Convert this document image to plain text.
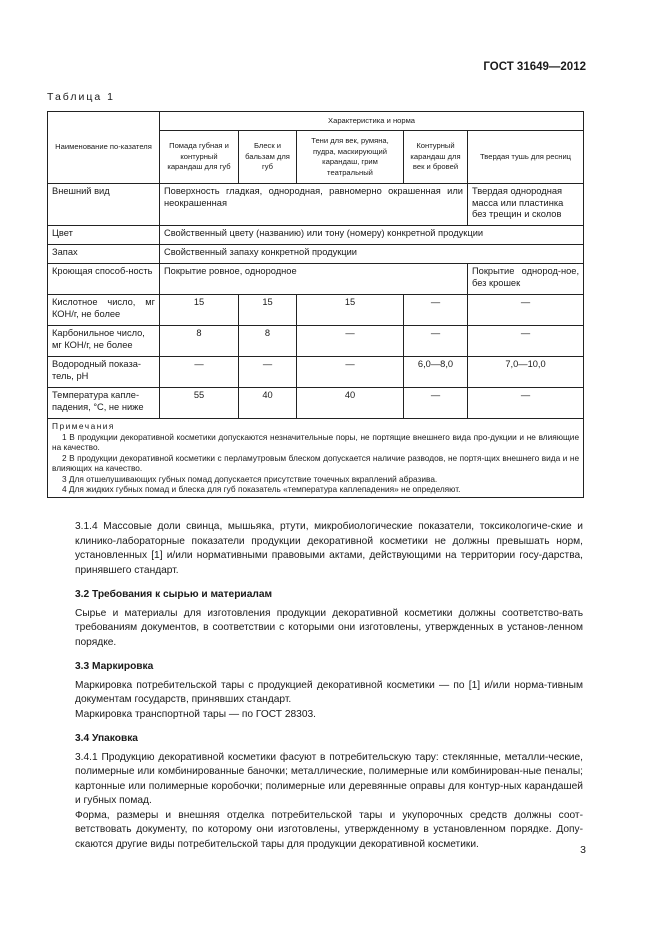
ГОСТ 31649—2012
Таблица 1
Наименование по-казателя	Характеристика и норма				
	Помада губная и контурный карандаш для губ	Блеск и бальзам для губ	Тени для век, румяна, пудра, маскирующий карандаш, грим театральный	Контурный карандаш для век и бровей	Твердая тушь для ресниц
Внешний вид	Поверхность гладкая, однородная, равномерно окрашенная или неокрашенная				Твердая однородная масса или пластинка без трещин и сколов
Цвет	Свойственный цвету (названию) или тону (номеру) конкретной продукции				
Запах	Свойственный запаху конкретной продукции				
Кроющая способ-ность	Покрытие ровное, однородное				Покрытие однород-ное, без крошек
Кислотное число, мг КОН/г, не более	15	15	15	—	—
Карбонильное число, мг КОН/г, не более	8	8	—	—	—
Водородный показа-тель, pH	—	—	—	6,0—8,0	7,0—10,0
Температура капле-падения, °С, не ниже	55	40	40	—	—

Примечания
1 В продукции декоративной косметики допускаются незначительные поры, не портящие внешнего вида про-дукции и не влияющие на качество.
2 В продукции декоративной косметики с перламутровым блеском допускается наличие разводов, не портя-щих внешнего вида и не влияющих на качество.
3 Для отшелушивающих губных помад допускается присутствие точечных вкраплений абразива.
4 Для жидких губных помад и блеска для губ показатель «температура каплепадения» не определяют.					

3.1.4 Массовые доли свинца, мышьяка, ртути, микробиологические показатели, токсикологиче-ские и клинико-лабораторные показатели продукции декоративной косметики не должны превышать норм, установленных [1] и/или нормативными правовыми актами, действующими на территории госу-дарства, принявшего стандарт.

3.2 Требования к сырью и материалам

Сырье и материалы для изготовления продукции декоративной косметики должны соответство-вать требованиям документов, в соответствии с которыми они изготовлены, утвержденных в установ-ленном порядке.

3.3 Маркировка

Маркировка потребительской тары с продукцией декоративной косметики — по [1] и/или норма-тивным документам государств, принявших стандарт.

Маркировка транспортной тары — по ГОСТ 28303.

3.4 Упаковка

3.4.1 Продукцию декоративной косметики фасуют в потребительскую тару: стеклянные, металли-ческие, полимерные или комбинированные баночки; металлические, полимерные или комбинирован-ные пеналы; картонные или полимерные коробочки; полимерные или деревянные оправы для контур-ных карандашей и губных помад.

Форма, размеры и внешняя отделка потребительской тары и укупорочных средств должны соот-ветствовать документу, по которому они изготовлены, утвержденному в установленном порядке. Допу-скаются другие виды потребительской тары для продукции декоративной косметики.	3
